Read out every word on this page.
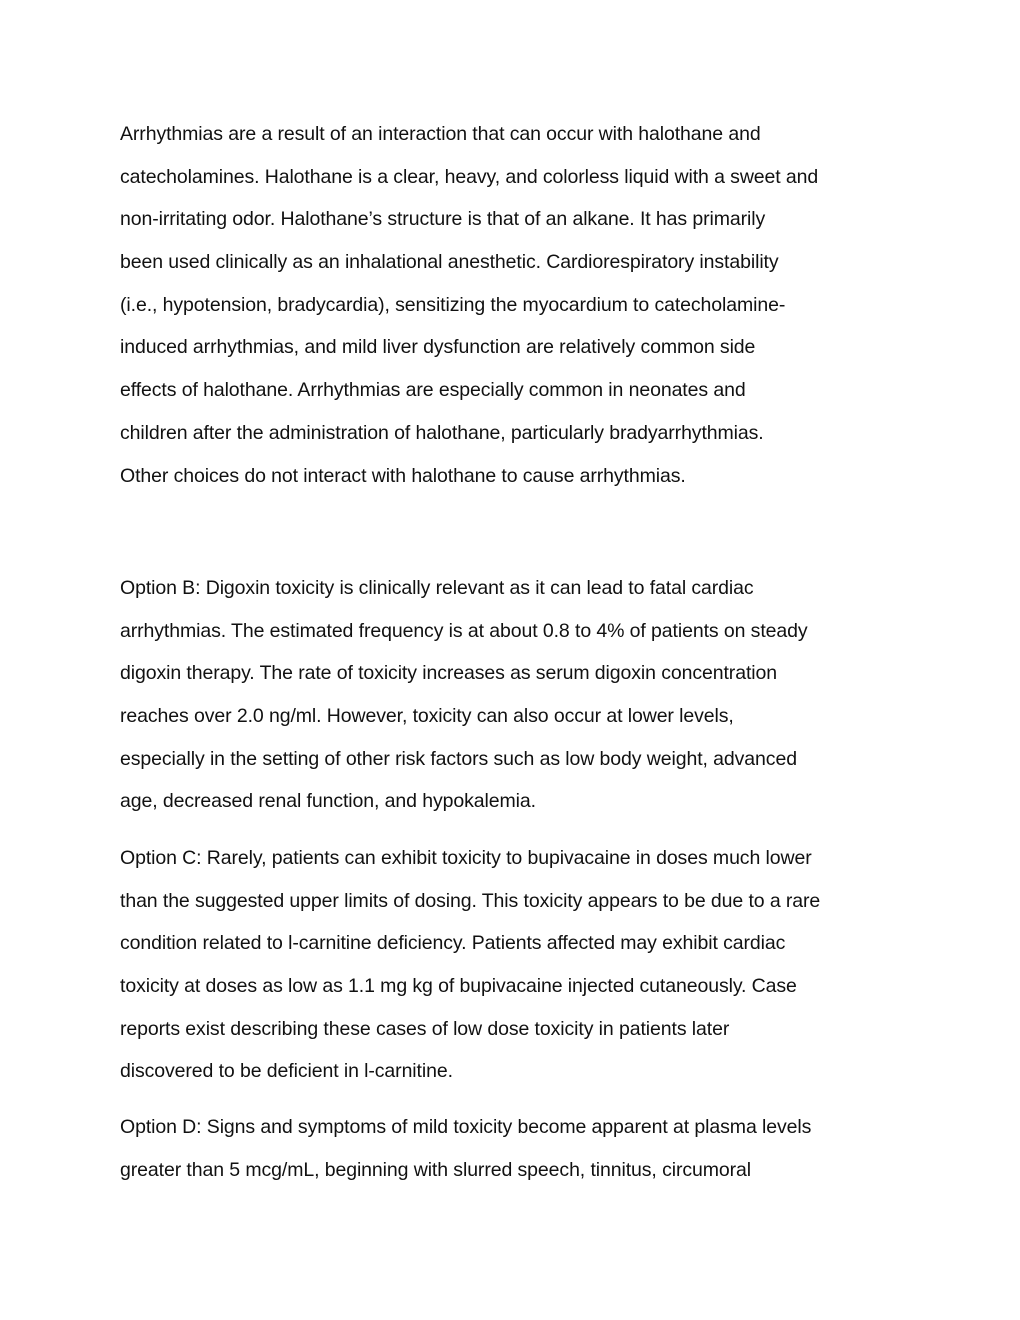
Arrhythmias are a result of an interaction that can occur with halothane and
catecholamines. Halothane is a clear, heavy, and colorless liquid with a sweet and
non-irritating odor. Halothane’s structure is that of an alkane. It has primarily
been used clinically as an inhalational anesthetic. Cardiorespiratory instability
(i.e., hypotension, bradycardia), sensitizing the myocardium to catecholamine-
induced arrhythmias, and mild liver dysfunction are relatively common side
effects of halothane. Arrhythmias are especially common in neonates and
children after the administration of halothane, particularly bradyarrhythmias.
Other choices do not interact with halothane to cause arrhythmias.
Option B: Digoxin toxicity is clinically relevant as it can lead to fatal cardiac
arrhythmias. The estimated frequency is at about 0.8 to 4% of patients on steady
digoxin therapy. The rate of toxicity increases as serum digoxin concentration
reaches over 2.0 ng/ml. However, toxicity can also occur at lower levels,
especially in the setting of other risk factors such as low body weight, advanced
age, decreased renal function, and hypokalemia.
Option C: Rarely, patients can exhibit toxicity to bupivacaine in doses much lower
than the suggested upper limits of dosing. This toxicity appears to be due to a rare
condition related to l-carnitine deficiency. Patients affected may exhibit cardiac
toxicity at doses as low as 1.1 mg kg of bupivacaine injected cutaneously. Case
reports exist describing these cases of low dose toxicity in patients later
discovered to be deficient in l-carnitine.
Option D: Signs and symptoms of mild toxicity become apparent at plasma levels
greater than 5 mcg/mL, beginning with slurred speech, tinnitus, circumoral
